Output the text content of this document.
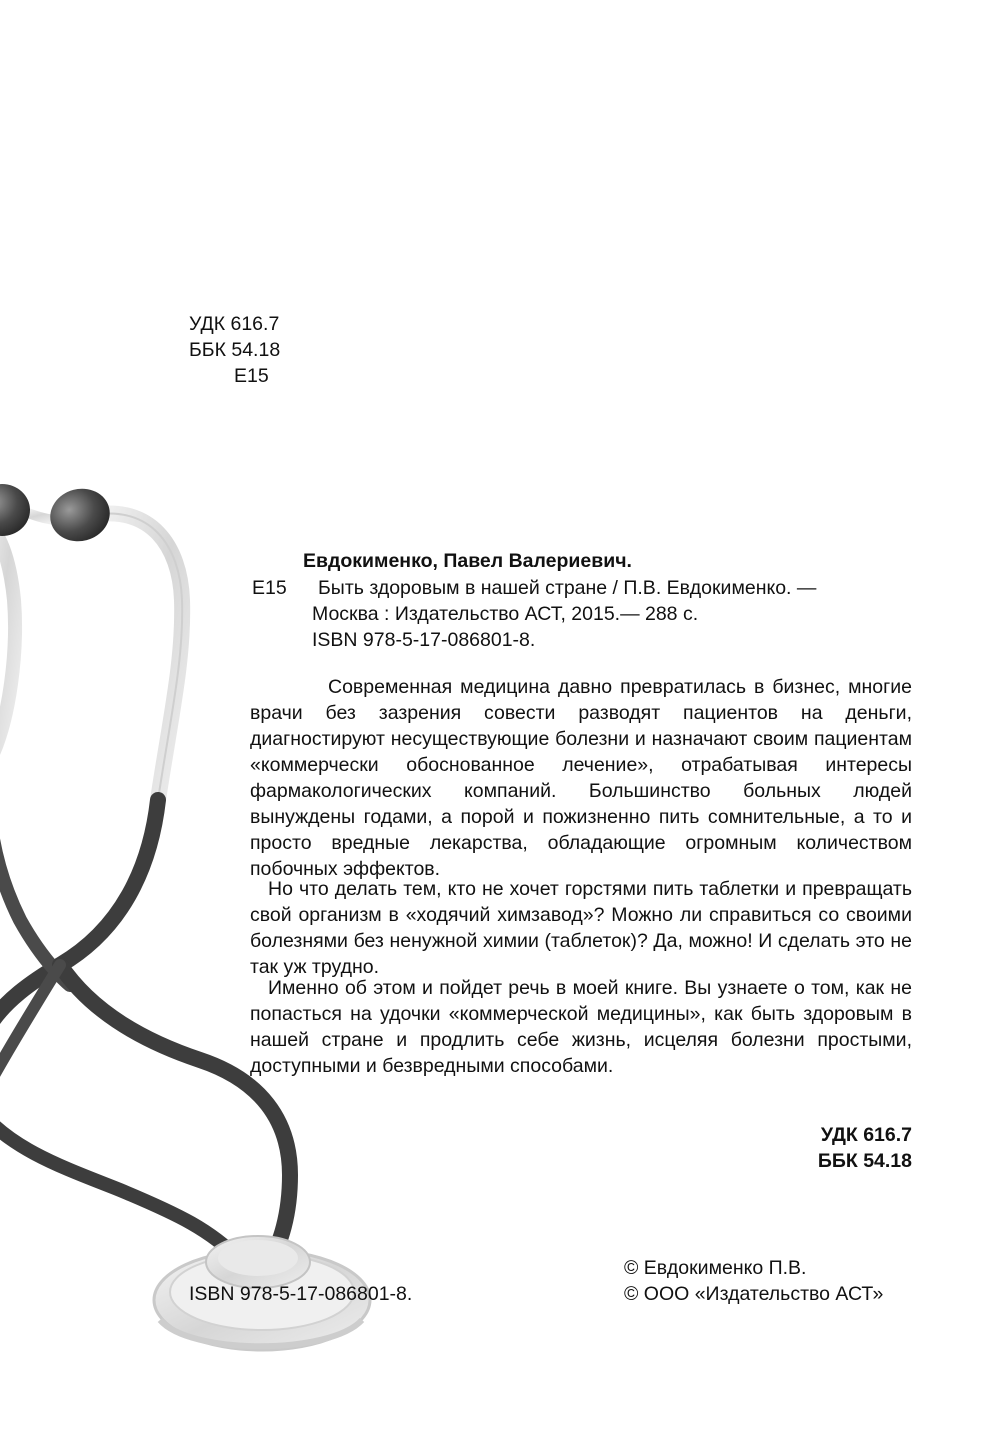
УДК 616.7
ББК 54.18
Е15
Евдокименко, Павел Валериевич.
Е15 Быть здоровым в нашей стране / П.В. Евдокименко. —
Москва : Издательство АСТ, 2015.— 288 с.
ISBN 978-5-17-086801-8.

Современная медицина давно превратилась в бизнес, многие врачи без зазрения совести разводят пациентов на деньги, диагностируют несуществующие болезни и назначают своим пациентам «коммерчески обоснованное лечение», отрабатывая интересы фармакологических компаний. Большинство больных людей вынуждены годами, а порой и пожизненно пить сомнительные, а то и просто вредные лекарства, обладающие огромным количеством побочных эффектов.

Но что делать тем, кто не хочет горстями пить таблетки и превращать свой организм в «ходячий химзавод»? Можно ли справиться со своими болезнями без ненужной химии (таблеток)? Да, можно! И сделать это не так уж трудно.

Именно об этом и пойдет речь в моей книге. Вы узнаете о том, как не попасться на удочки «коммерческой медицины», как быть здоровым в нашей стране и продлить себе жизнь, исцеляя болезни простыми, доступными и безвредными способами.

УДК 616.7
ББК 54.18
© Евдокименко П.В.
ISBN 978-5-17-086801-8.	© ООО «Издательство АСТ»
